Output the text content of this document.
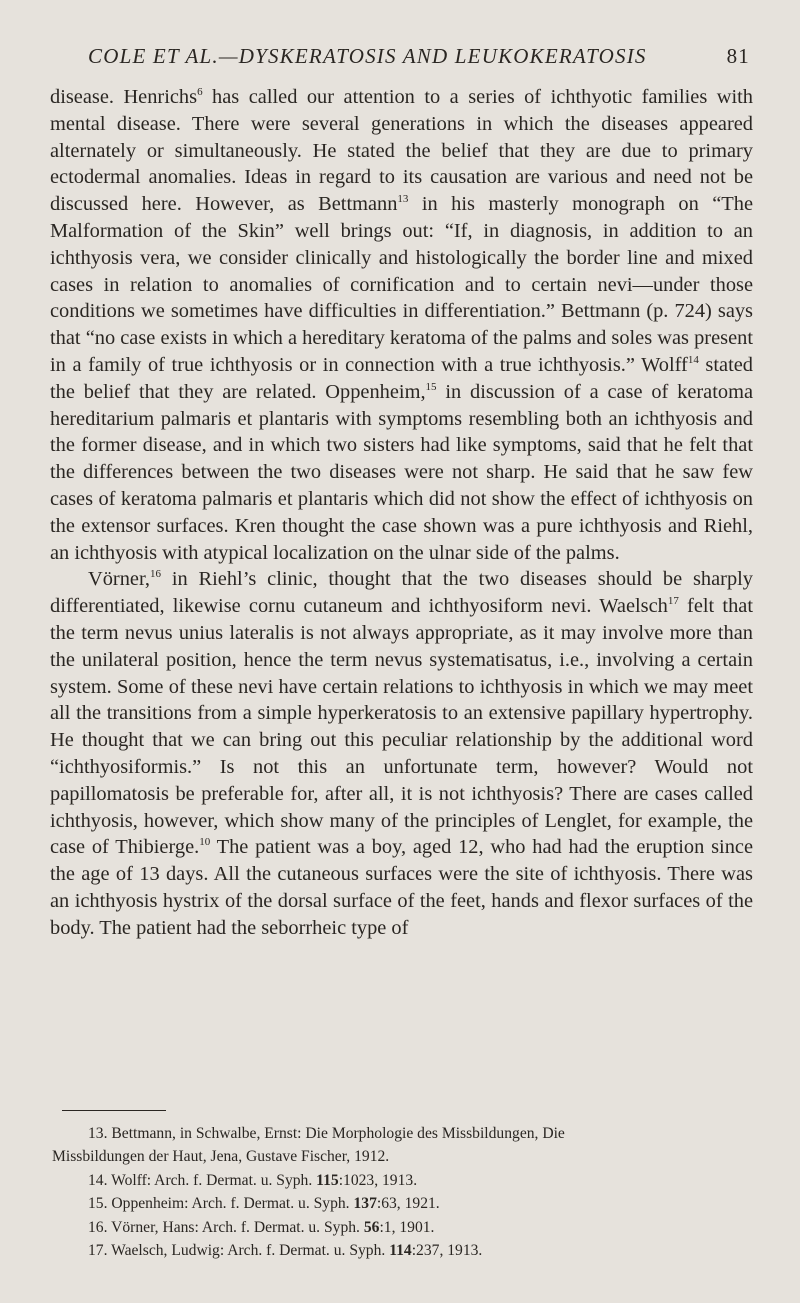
COLE ET AL.—DYSKERATOSIS AND LEUKOKERATOSIS	81

disease. Henrichs$^6$ has called our attention to a series of ichthyotic families with mental disease. There were several generations in which the diseases appeared alternately or simultaneously. He stated the belief that they are due to primary ectodermal anomalies. Ideas in regard to its causation are various and need not be discussed here. However, as Bettmann$^{13}$ in his masterly monograph on “The Malformation of the Skin” well brings out: “If, in diagnosis, in addition to an ichthyosis vera, we consider clinically and histologically the border line and mixed cases in relation to anomalies of cornification and to certain nevi—under those conditions we sometimes have difficulties in differentiation.” Bettmann (p. 724) says that “no case exists in which a hereditary keratoma of the palms and soles was present in a family of true ichthyosis or in connection with a true ichthyosis.” Wolff$^{14}$ stated the belief that they are related. Oppenheim,$^{15}$ in discussion of a case of keratoma hereditarium palmaris et plantaris with symptoms resembling both an ichthyosis and the former disease, and in which two sisters had like symptoms, said that he felt that the differences between the two diseases were not sharp. He said that he saw few cases of keratoma palmaris et plantaris which did not show the effect of ichthyosis on the extensor surfaces. Kren thought the case shown was a pure ichthyosis and Riehl, an ichthyosis with atypical localization on the ulnar side of the palms.

Vörner,$^{16}$ in Riehl’s clinic, thought that the two diseases should be sharply differentiated, likewise cornu cutaneum and ichthyosiform nevi. Waelsch$^{17}$ felt that the term nevus unius lateralis is not always appropriate, as it may involve more than the unilateral position, hence the term nevus systematisatus, i.e., involving a certain system. Some of these nevi have certain relations to ichthyosis in which we may meet all the transitions from a simple hyperkeratosis to an extensive papillary hypertrophy. He thought that we can bring out this peculiar relationship by the additional word “ichthyosiformis.” Is not this an unfortunate term, however? Would not papillomatosis be preferable for, after all, it is not ichthyosis? There are cases called ichthyosis, however, which show many of the principles of Lenglet, for example, the case of Thibierge.$^{10}$ The patient was a boy, aged 12, who had had the eruption since the age of 13 days. All the cutaneous surfaces were the site of ichthyosis. There was an ichthyosis hystrix of the dorsal surface of the feet, hands and flexor surfaces of the body. The patient had the seborrheic type of

13. Bettmann, in Schwalbe, Ernst: Die Morphologie des Missbildungen, Die
Missbildungen der Haut, Jena, Gustave Fischer, 1912.
14. Wolff: Arch. f. Dermat. u. Syph. 115:1023, 1913.
15. Oppenheim: Arch. f. Dermat. u. Syph. 137:63, 1921.
16. Vörner, Hans: Arch. f. Dermat. u. Syph. 56:1, 1901.
17. Waelsch, Ludwig: Arch. f. Dermat. u. Syph. 114:237, 1913.
